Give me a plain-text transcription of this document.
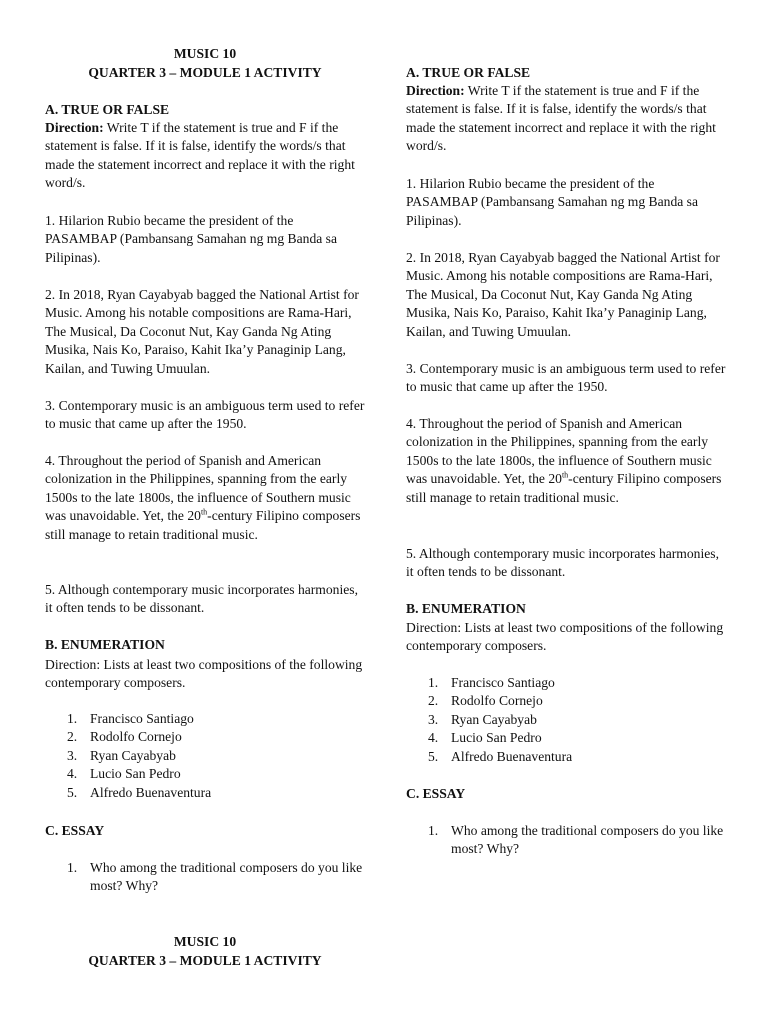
MUSIC 10

QUARTER 3 – MODULE 1 ACTIVITY

A. TRUE OR FALSE

Direction: Write T if the statement is true and F if the statement is false. If it is false, identify the words/s that made the statement incorrect and replace it with the right word/s.

1. Hilarion Rubio became the president of the PASAMBAP (Pambansang Samahan ng mg Banda sa Pilipinas).

2. In 2018, Ryan Cayabyab bagged the National Artist for Music. Among his notable compositions are Rama-Hari, The Musical, Da Coconut Nut, Kay Ganda Ng Ating Musika, Nais Ko, Paraiso, Kahit Ika’y Panaginip Lang, Kailan, and Tuwing Umuulan.

3. Contemporary music is an ambiguous term used to refer to music that came up after the 1950.

4. Throughout the period of Spanish and American colonization in the Philippines, spanning from the early 1500s to the late 1800s, the influence of Southern music was unavoidable. Yet, the 20th-century Filipino composers still manage to retain traditional music.

5. Although contemporary music incorporates harmonies, it often tends to be dissonant.

B. ENUMERATION

Direction: Lists at least two compositions of the following contemporary composers.

1. Francisco Santiago
2. Rodolfo Cornejo
3. Ryan Cayabyab
4. Lucio San Pedro
5. Alfredo Buenaventura

C. ESSAY

1. Who among the traditional composers do you like most? Why?

MUSIC 10

QUARTER 3 – MODULE 1 ACTIVITY

A. TRUE OR FALSE

Direction: Write T if the statement is true and F if the statement is false. If it is false, identify the words/s that made the statement incorrect and replace it with the right word/s.

1. Hilarion Rubio became the president of the PASAMBAP (Pambansang Samahan ng mg Banda sa Pilipinas).

2. In 2018, Ryan Cayabyab bagged the National Artist for Music. Among his notable compositions are Rama-Hari, The Musical, Da Coconut Nut, Kay Ganda Ng Ating Musika, Nais Ko, Paraiso, Kahit Ika’y Panaginip Lang, Kailan, and Tuwing Umuulan.

3. Contemporary music is an ambiguous term used to refer to music that came up after the 1950.

4. Throughout the period of Spanish and American colonization in the Philippines, spanning from the early 1500s to the late 1800s, the influence of Southern music was unavoidable. Yet, the 20th-century Filipino composers still manage to retain traditional music.

5. Although contemporary music incorporates harmonies, it often tends to be dissonant.

B. ENUMERATION

Direction: Lists at least two compositions of the following contemporary composers.

1. Francisco Santiago
2. Rodolfo Cornejo
3. Ryan Cayabyab
4. Lucio San Pedro
5. Alfredo Buenaventura

C. ESSAY

1. Who among the traditional composers do you like most? Why?
